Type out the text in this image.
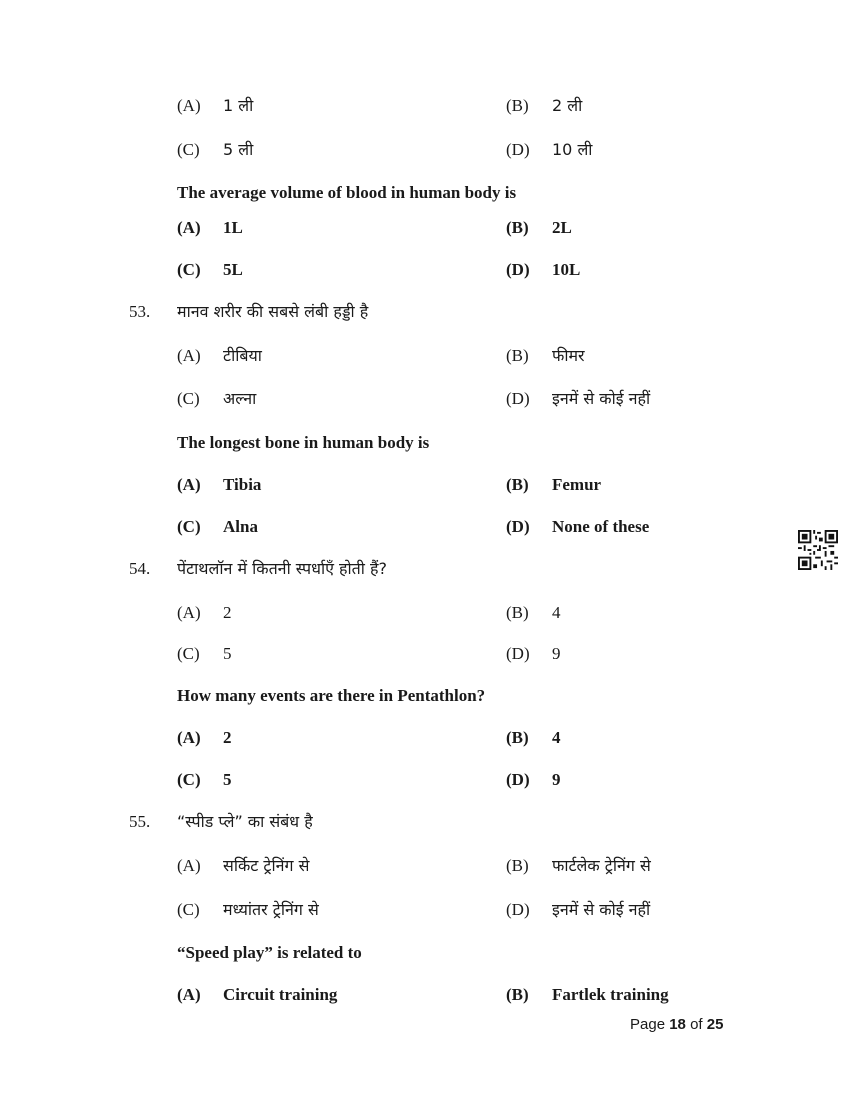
(A) 1 ली	(B) 2 ली
(C) 5 ली	(D) 10 ली
The average volume of blood in human body is
(A) 1L	(B) 2L
(C) 5L	(D) 10L
53. मानव शरीर की सबसे लंबी हड्डी है
(A) टीबिया	(B) फीमर
(C) अल्ना	(D) इनमें से कोई नहीं
The longest bone in human body is
(A) Tibia	(B) Femur
(C) Alna	(D) None of these
54. पेंटाथलॉन में कितनी स्पर्धाएँ होती हैं?
(A) 2	(B) 4
(C) 5	(D) 9
How many events are there in Pentathlon?
(A) 2	(B) 4
(C) 5	(D) 9
55. “स्पीड प्ले” का संबंध है
(A) सर्किट ट्रेनिंग से	(B) फार्टलेक ट्रेनिंग से
(C) मध्यांतर ट्रेनिंग से	(D) इनमें से कोई नहीं
“Speed play” is related to
(A) Circuit training	(B) Fartlek training
Page 18 of 25
